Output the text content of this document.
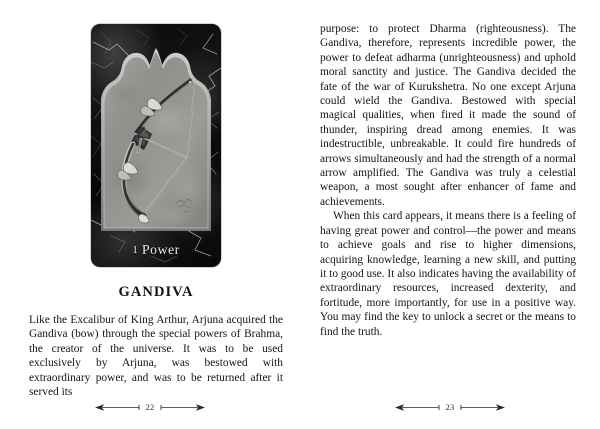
1 Power
GANDIVA

Like the Excalibur of King Arthur, Arjuna acquired the Gandiva (bow) through the special powers of Brahma, the creator of the universe. It was to be used exclusively by Arjuna, was bestowed with extraordinary power, and was to be returned after it served its

22

purpose: to protect Dharma (righteousness). The Gandiva, therefore, represents incredible power, the power to defeat adharma (unrighteousness) and uphold moral sanctity and justice. The Gandiva decided the fate of the war of Kurukshetra. No one except Arjuna could wield the Gandiva. Bestowed with special magical qualities, when fired it made the sound of thunder, inspiring dread among enemies. It was indestructible, unbreakable. It could fire hundreds of arrows simultaneously and had the strength of a normal arrow amplified. The Gandiva was truly a celestial weapon, a most sought after enhancer of fame and achievements.

When this card appears, it means there is a feeling of having great power and control—the power and means to achieve goals and rise to higher dimensions, acquiring knowledge, learning a new skill, and putting it to good use. It also indicates having the availability of extraordinary resources, increased dexterity, and fortitude, more importantly, for use in a positive way. You may find the key to unlock a secret or the means to find the truth.

23
